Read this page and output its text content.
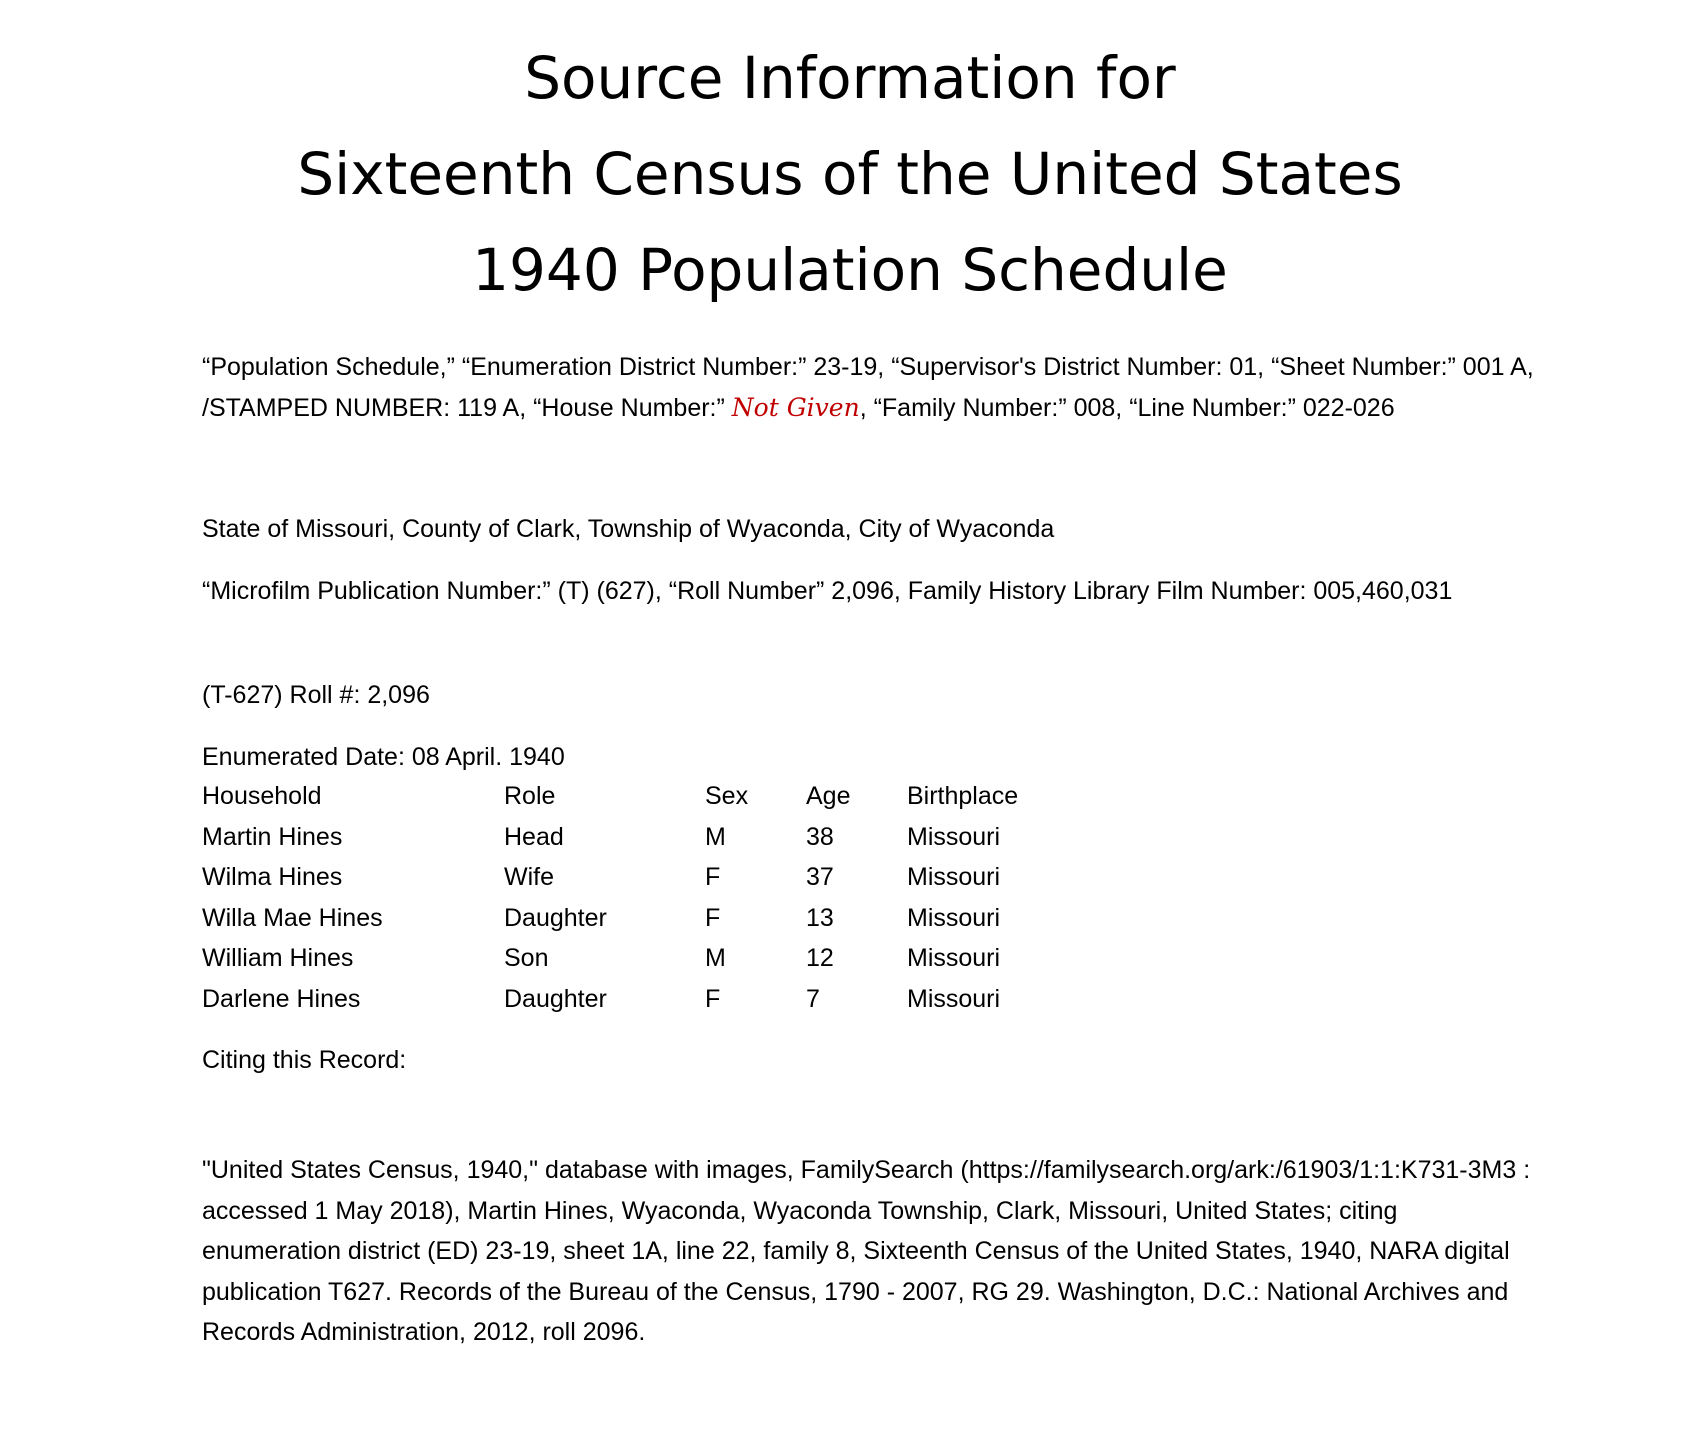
Source Information for
Sixteenth Census of the United States
1940 Population Schedule

“Population Schedule,” “Enumeration District Number:” 23-19, “Supervisor's District Number: 01, “Sheet Number:” 001 A, /STAMPED NUMBER: 119 A, “House Number:” Not Given, “Family Number:” 008, “Line Number:” 022-026

State of Missouri, County of Clark, Township of Wyaconda, City of Wyaconda

“Microfilm Publication Number:” (T) (627), “Roll Number” 2,096, Family History Library Film Number: 005,460,031

(T-627) Roll #: 2,096

Enumerated Date: 08 April. 1940

Household	Role	Sex	Age	Birthplace
Martin Hines	Head	M	38	Missouri
Wilma Hines	Wife	F	37	Missouri
Willa Mae Hines	Daughter	F	13	Missouri
William Hines	Son	M	12	Missouri
Darlene Hines	Daughter	F	7	Missouri

Citing this Record:

"United States Census, 1940," database with images, FamilySearch (https://familysearch.org/ark:/61903/1:1:K731-3M3 : accessed 1 May 2018), Martin Hines, Wyaconda, Wyaconda Township, Clark, Missouri, United States; citing enumeration district (ED) 23-19, sheet 1A, line 22, family 8, Sixteenth Census of the United States, 1940, NARA digital publication T627. Records of the Bureau of the Census, 1790 - 2007, RG 29. Washington, D.C.: National Archives and Records Administration, 2012, roll 2096.
